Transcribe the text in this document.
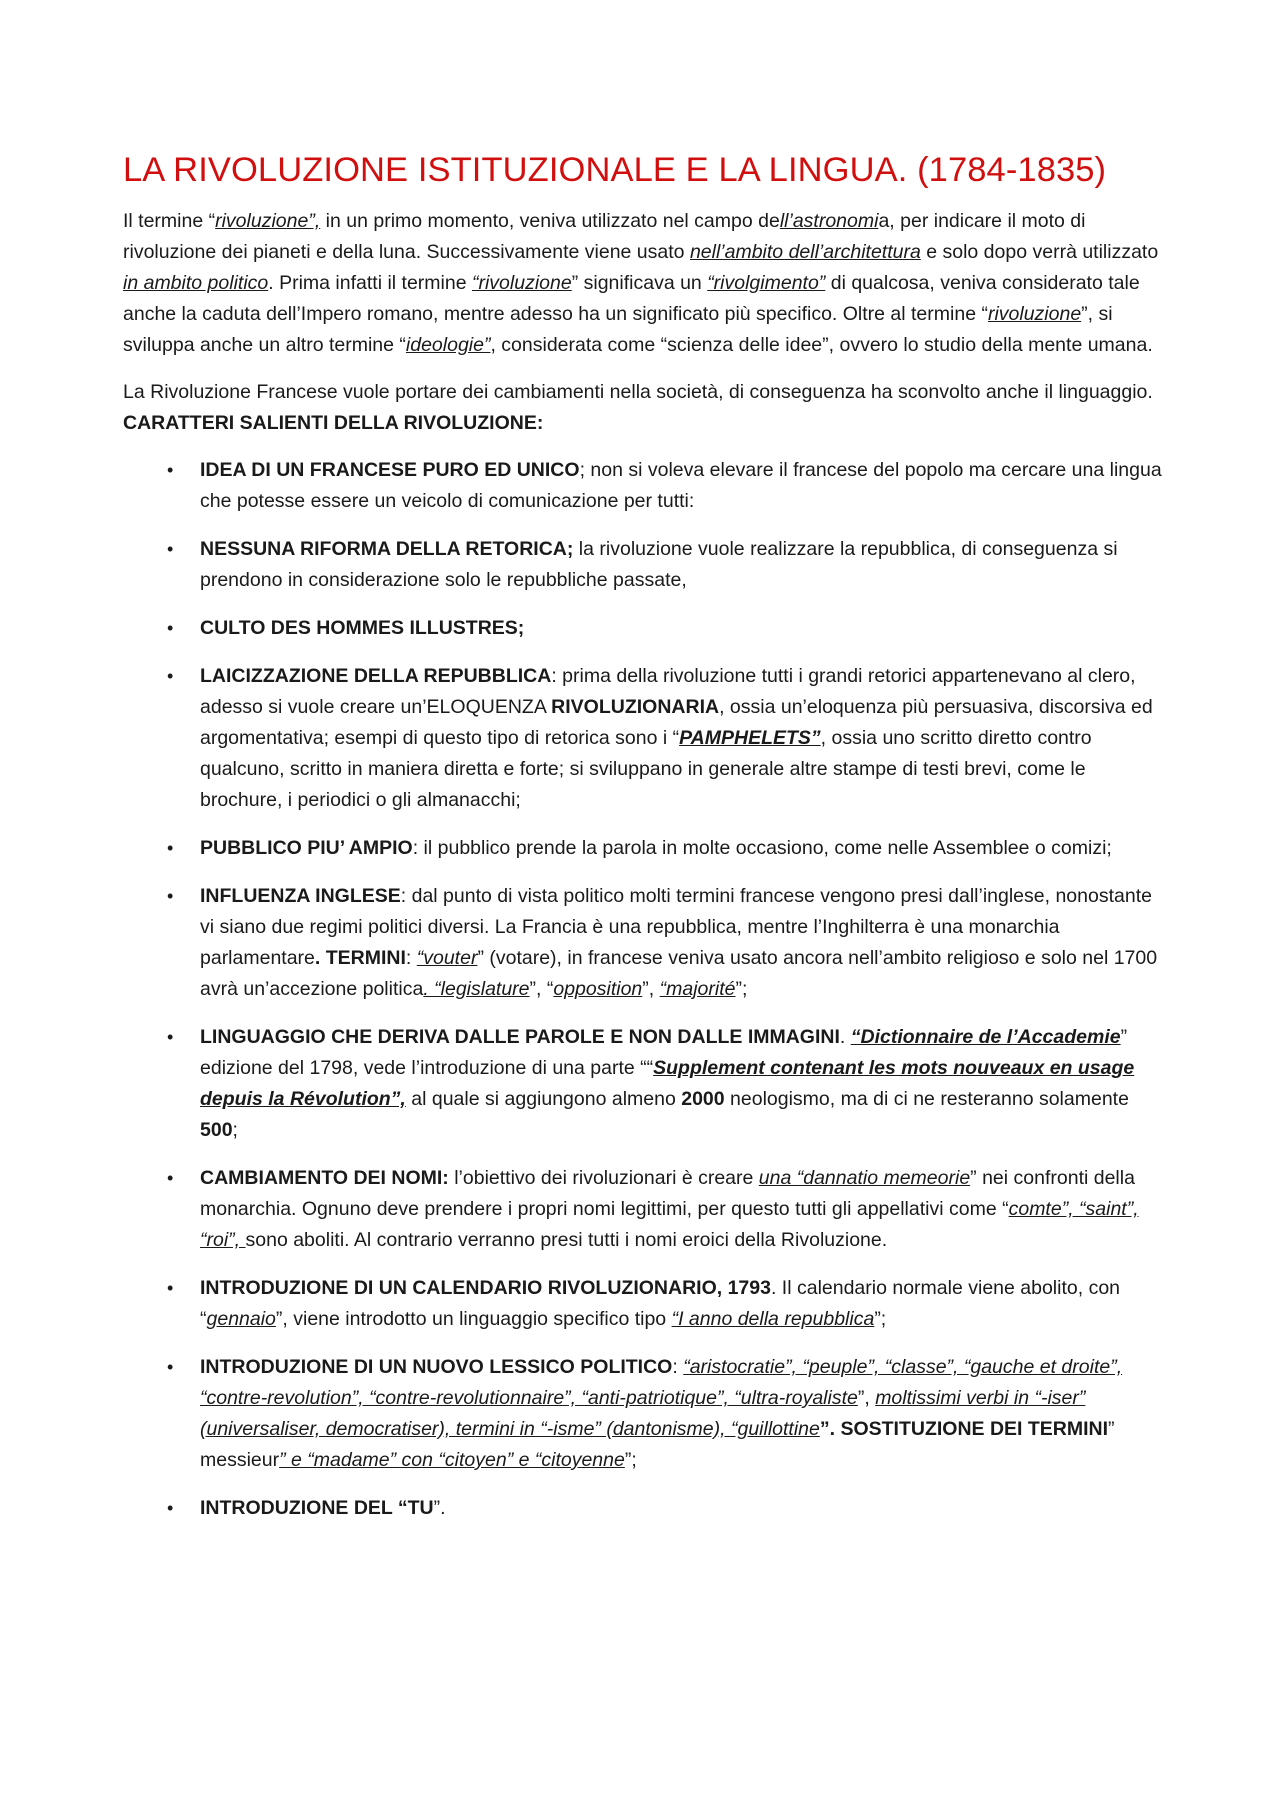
LA RIVOLUZIONE ISTITUZIONALE E LA LINGUA. (1784-1835)

Il termine “rivoluzione”, in un primo momento, veniva utilizzato nel campo dell’astronomia, per indicare il moto di rivoluzione dei pianeti e della luna. Successivamente viene usato nell’ambito dell’architettura e solo dopo verrà utilizzato in ambito politico. Prima infatti il termine “rivoluzione” significava un “rivolgimento” di qualcosa, veniva considerato tale anche la caduta dell’Impero romano, mentre adesso ha un significato più specifico. Oltre al termine “rivoluzione”, si sviluppa anche un altro termine “ideologie”, considerata come “scienza delle idee”, ovvero lo studio della mente umana.

La Rivoluzione Francese vuole portare dei cambiamenti nella società, di conseguenza ha sconvolto anche il linguaggio. CARATTERI SALIENTI DELLA RIVOLUZIONE:

• IDEA DI UN FRANCESE PURO ED UNICO; non si voleva elevare il francese del popolo ma cercare una lingua che potesse essere un veicolo di comunicazione per tutti:
• NESSUNA RIFORMA DELLA RETORICA; la rivoluzione vuole realizzare la repubblica, di conseguenza si prendono in considerazione solo le repubbliche passate,
• CULTO DES HOMMES ILLUSTRES;
• LAICIZZAZIONE DELLA REPUBBLICA: prima della rivoluzione tutti i grandi retorici appartenevano al clero, adesso si vuole creare un’ELOQUENZA RIVOLUZIONARIA, ossia un’eloquenza più persuasiva, discorsiva ed argomentativa; esempi di questo tipo di retorica sono i “PAMPHELETS”, ossia uno scritto diretto contro qualcuno, scritto in maniera diretta e forte; si sviluppano in generale altre stampe di testi brevi, come le brochure, i periodici o gli almanacchi;
• PUBBLICO PIU’ AMPIO: il pubblico prende la parola in molte occasiono, come nelle Assemblee o comizi;
• INFLUENZA INGLESE: dal punto di vista politico molti termini francese vengono presi dall’inglese, nonostante vi siano due regimi politici diversi. La Francia è una repubblica, mentre l’Inghilterra è una monarchia parlamentare. TERMINI: “vouter” (votare), in francese veniva usato ancora nell’ambito religioso e solo nel 1700 avrà un’accezione politica. “legislature”, “opposition”, “majorité”;
• LINGUAGGIO CHE DERIVA DALLE PAROLE E NON DALLE IMMAGINI. “Dictionnaire de l’Accademie” edizione del 1798, vede l’introduzione di una parte ““Supplement contenant les mots nouveaux en usage depuis la Révolution”, al quale si aggiungono almeno 2000 neologismo, ma di ci ne resteranno solamente 500;
• CAMBIAMENTO DEI NOMI: l’obiettivo dei rivoluzionari è creare una “dannatio memeorie” nei confronti della monarchia. Ognuno deve prendere i propri nomi legittimi, per questo tutti gli appellativi come “comte”, “saint”, “roi”, sono aboliti. Al contrario verranno presi tutti i nomi eroici della Rivoluzione.
• INTRODUZIONE DI UN CALENDARIO RIVOLUZIONARIO, 1793. Il calendario normale viene abolito, con “gennaio”, viene introdotto un linguaggio specifico tipo “I anno della repubblica”;
• INTRODUZIONE DI UN NUOVO LESSICO POLITICO: “aristocratie”, “peuple”, “classe”, “gauche et droite”, “contre-revolution”, “contre-revolutionnaire”, “anti-patriotique”, “ultra-royaliste”, moltissimi verbi in “-iser” (universaliser, democratiser), termini in “-isme” (dantonisme), “guillottine”. SOSTITUZIONE DEI TERMINI” messieur” e “madame” con “citoyen” e “citoyenne”;
• INTRODUZIONE DEL “TU”.
